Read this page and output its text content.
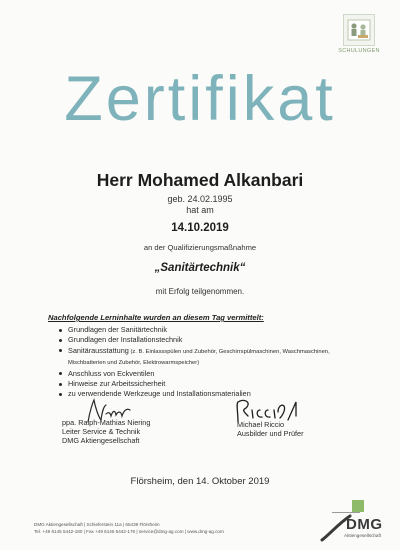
SCHULUNGEN
Zertifikat
Herr Mohamed Alkanbari
geb. 24.02.1995
hat am
14.10.2019
an der Qualifizierungsmaßnahme
„Sanitärtechnik“
mit Erfolg teilgenommen.
Nachfolgende Lerninhalte wurden an diesem Tag vermittelt:
Grundlagen der Sanitärtechnik
Grundlagen der Installationstechnik
Sanitärausstattung (z. B. Einlassspülen und Zubehör, Geschirrspülmaschinen, Waschmaschinen, Mischbatterien und Zubehör, Elektrowarmspeicher)
Anschluss von Eckventilen
Hinweise zur Arbeitssicherheit
zu verwendende Werkzeuge und Installationsmaterialien
ppa. Ralph-Mathias Niering
Leiter Service & Technik
DMG Aktiengesellschaft
Michael Riccio
Ausbilder und Prüfer
Flörsheim, den 14. Oktober 2019
DMG Aktiengesellschaft | Schieferstein 11a | 65439 Flörsheim
Tel. +49 6145 5442-180 | Fax +49 6145 5442-176 | service@dmg-ag.com | www.dmg-ag.com	DMG
Aktiengesellschaft
